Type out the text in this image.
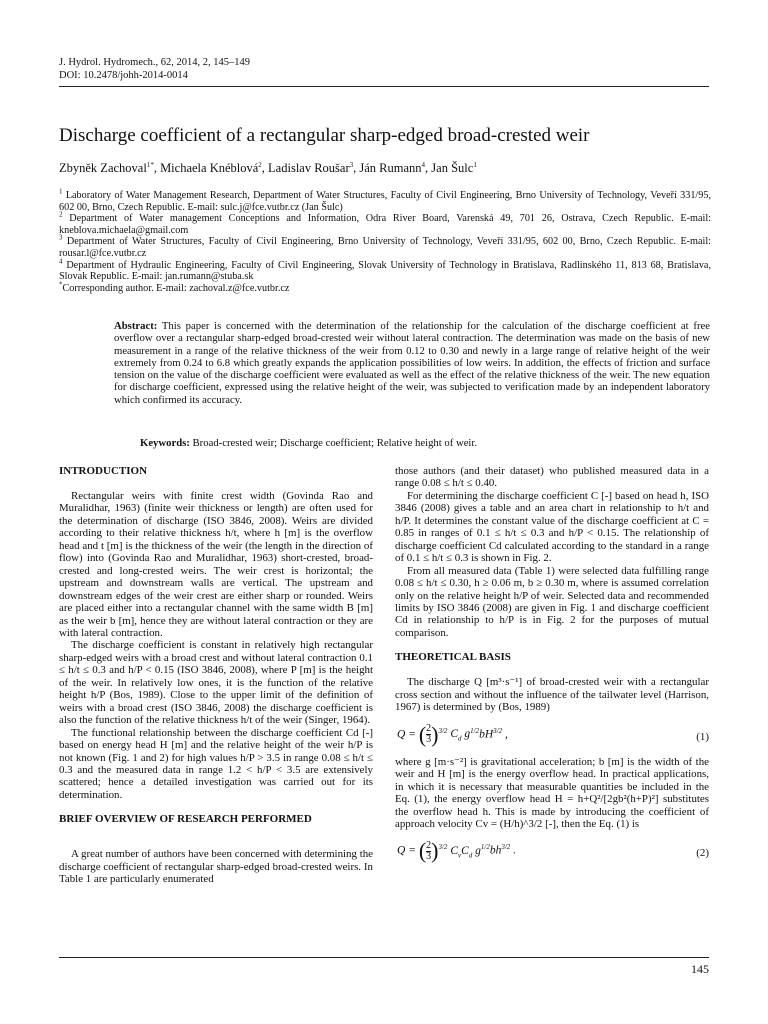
J. Hydrol. Hydromech., 62, 2014, 2, 145–149
DOI: 10.2478/johh-2014-0014
Discharge coefficient of a rectangular sharp-edged broad-crested weir
Zbyněk Zachoval$^{1*}$, Michaela Knéblová$^2$, Ladislav Roušar$^3$, Ján Rumann$^4$, Jan Šulc$^1$

$^1$ Laboratory of Water Management Research, Department of Water Structures, Faculty of Civil Engineering, Brno University of Technology, Veveří 331/95, 602 00, Brno, Czech Republic. E-mail: sulc.j@fce.vutbr.cz (Jan Šulc)

$^2$ Department of Water management Conceptions and Information, Odra River Board, Varenská 49, 701 26, Ostrava, Czech Republic. E-mail: kneblova.michaela@gmail.com

$^3$ Department of Water Structures, Faculty of Civil Engineering, Brno University of Technology, Veveří 331/95, 602 00, Brno, Czech Republic. E-mail: rousar.l@fce.vutbr.cz

$^4$ Department of Hydraulic Engineering, Faculty of Civil Engineering, Slovak University of Technology in Bratislava, Radlinského 11, 813 68, Bratislava, Slovak Republic. E-mail: jan.rumann@stuba.sk

*Corresponding author. E-mail: zachoval.z@fce.vutbr.cz

Abstract: This paper is concerned with the determination of the relationship for the calculation of the discharge coefficient at free overflow over a rectangular sharp-edged broad-crested weir without lateral contraction. The determination was made on the basis of new measurement in a range of the relative thickness of the weir from 0.12 to 0.30 and newly in a large range of relative height of the weir extremely from 0.24 to 6.8 which greatly expands the application possibilities of low weirs. In addition, the effects of friction and surface tension on the value of the discharge coefficient were evaluated as well as the effect of the relative thickness of the weir. The new equation for discharge coefficient, expressed using the relative height of the weir, was subjected to verification made by an independent laboratory which confirmed its accuracy.

Keywords: Broad-crested weir; Discharge coefficient; Relative height of weir.
INTRODUCTION

Rectangular weirs with finite crest width (Govinda Rao and Muralidhar, 1963) (finite weir thickness or length) are often used for the determination of discharge (ISO 3846, 2008). Weirs are divided according to their relative thickness h/t, where h [m] is the overflow head and t [m] is the thickness of the weir (the length in the direction of flow) into (Govinda Rao and Muralidhar, 1963) short-crested, broad-crested and long-crested weirs. The weir crest is horizontal; the upstream and downstream walls are vertical. The upstream and downstream edges of the weir crest are either sharp or rounded. Weirs are placed either into a rectangular channel with the same width B [m] as the weir b [m], hence they are without lateral contraction or they are with lateral contraction.

The discharge coefficient is constant in relatively high rectangular sharp-edged weirs with a broad crest and without lateral contraction 0.1 ≤ h/t ≤ 0.3 and h/P < 0.15 (ISO 3846, 2008), where P [m] is the height of the weir. In relatively low ones, it is the function of the relative height h/P (Bos, 1989). Close to the upper limit of the definition of weirs with a broad crest (ISO 3846, 2008) the discharge coefficient is also the function of the relative thickness h/t of the weir (Singer, 1964).

The functional relationship between the discharge coefficient Cd [-] based on energy head H [m] and the relative height of the weir h/P is not known (Fig. 1 and 2) for high values h/P > 3.5 in range 0.08 ≤ h/t ≤ 0.3 and the measured data in range 1.2 < h/P < 3.5 are extensively scattered; hence a detailed investigation was carried out for its determination.

BRIEF OVERVIEW OF RESEARCH PERFORMED

A great number of authors have been concerned with determining the discharge coefficient of rectangular sharp-edged broad-crested weirs. In Table 1 are particularly enumerated

those authors (and their dataset) who published measured data in a range 0.08 ≤ h/t ≤ 0.40.

For determining the discharge coefficient C [-] based on head h, ISO 3846 (2008) gives a table and an area chart in relationship to h/t and h/P. It determines the constant value of the discharge coefficient at C = 0.85 in ranges of 0.1 ≤ h/t ≤ 0.3 and h/P < 0.15. The relationship of discharge coefficient Cd calculated according to the standard in a range of 0.1 ≤ h/t ≤ 0.3 is shown in Fig. 2.

From all measured data (Table 1) were selected data fulfilling range 0.08 ≤ h/t ≤ 0.30, h ≥ 0.06 m, b ≥ 0.30 m, where is assumed correlation only on the relative height h/P of weir. Selected data and recommended limits by ISO 3846 (2008) are given in Fig. 1 and discharge coefficient Cd in relationship to h/P is in Fig. 2 for the purposes of mutual comparison.

THEORETICAL BASIS

The discharge Q [m³·s⁻¹] of broad-crested weir with a rectangular cross section and without the influence of the tailwater level (Harrison, 1967) is determined by (Bos, 1989)

Q = ( $\frac{2}{3} )^{3/2}$ $C_d$ $g^{1/2}bH^{3/2}$ ,	(1)

where g [m·s⁻²] is gravitational acceleration; b [m] is the width of the weir and H [m] is the energy overflow head. In practical applications, in which it is necessary that measurable quantities be included in the Eq. (1), the energy overflow head H = h+Q²/[2gb²(h+P)²] substitutes the overflow head h. This is made by introducing the coefficient of approach velocity Cv = (H/h)^3/2 [-], then the Eq. (1) is

Q = ( $\frac{2}{3} )^{3/2}$ $C_vC_d$ $g^{1/2}bh^{3/2}$ .	(2)
145
